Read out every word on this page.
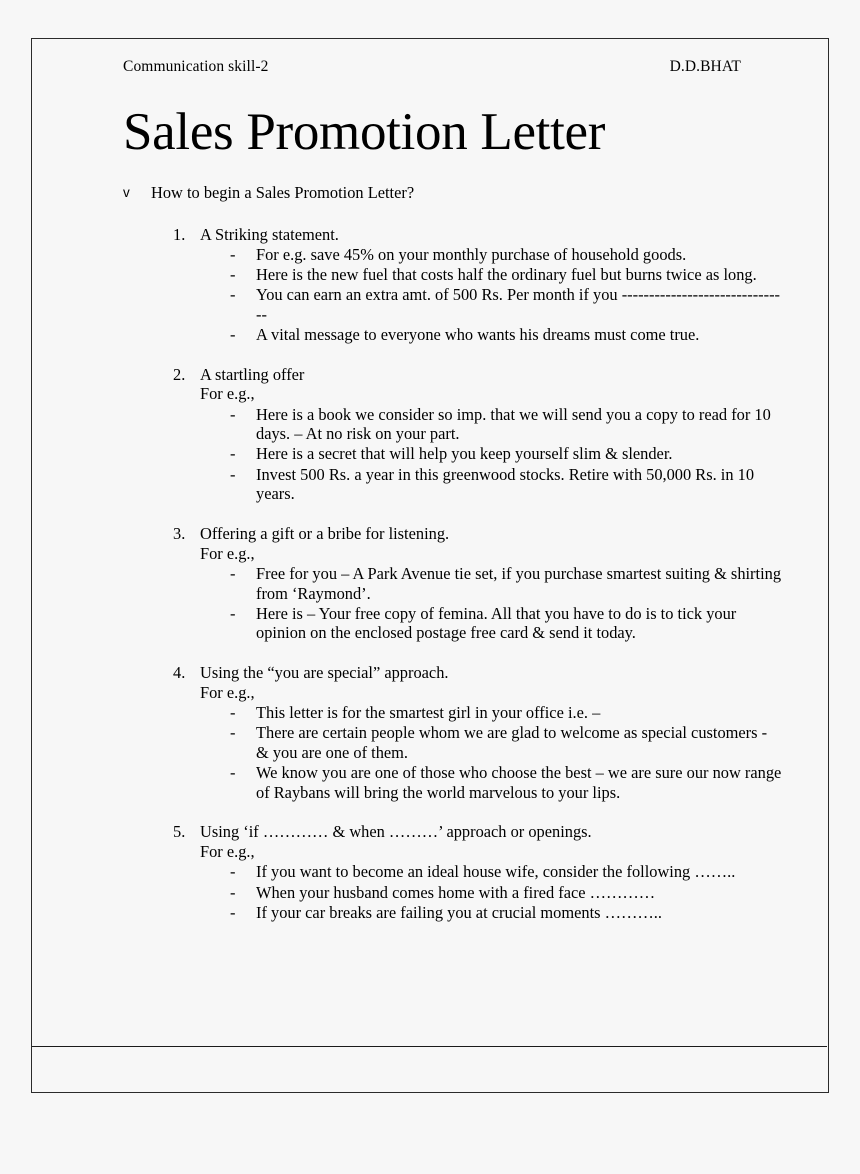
Communication skill-2	D.D.BHAT
Sales Promotion Letter
v	How to begin a Sales Promotion Letter?
1. A Striking statement.
-	For e.g. save 45% on your monthly purchase of household goods.
-	Here is the new fuel that costs half the ordinary fuel but burns twice as long.
-	You can earn an extra amt. of 500 Rs. Per month if you -------------------------------
-	A vital message to everyone who wants his dreams must come true.
2. A startling offer
For e.g.,
-	Here is a book we consider so imp. that we will send you a copy to read for 10 days. – At no risk on your part.
-	Here is a secret that will help you keep yourself slim & slender.
-	Invest 500 Rs. a year in this greenwood stocks. Retire with 50,000 Rs. in 10 years.
3. Offering a gift or a bribe for listening.
For e.g.,
-	Free for you – A Park Avenue tie set, if you purchase smartest suiting & shirting from ‘Raymond’.
-	Here is – Your free copy of femina. All that you have to do is to tick your opinion on the enclosed postage free card & send it today.
4. Using the “you are special” approach.
For e.g.,
-	This letter is for the smartest girl in your office i.e. –
-	There are certain people whom we are glad to welcome as special customers - & you are one of them.
-	We know you are one of those who choose the best – we are sure our now range of Raybans will bring the world marvelous to your lips.
5. Using ‘if ………… & when ………’ approach or openings.
For e.g.,
-	If you want to become an ideal house wife, consider the following ……..
-	When your husband comes home with a fired face …………
-	If your car breaks are failing you at crucial moments ………..
